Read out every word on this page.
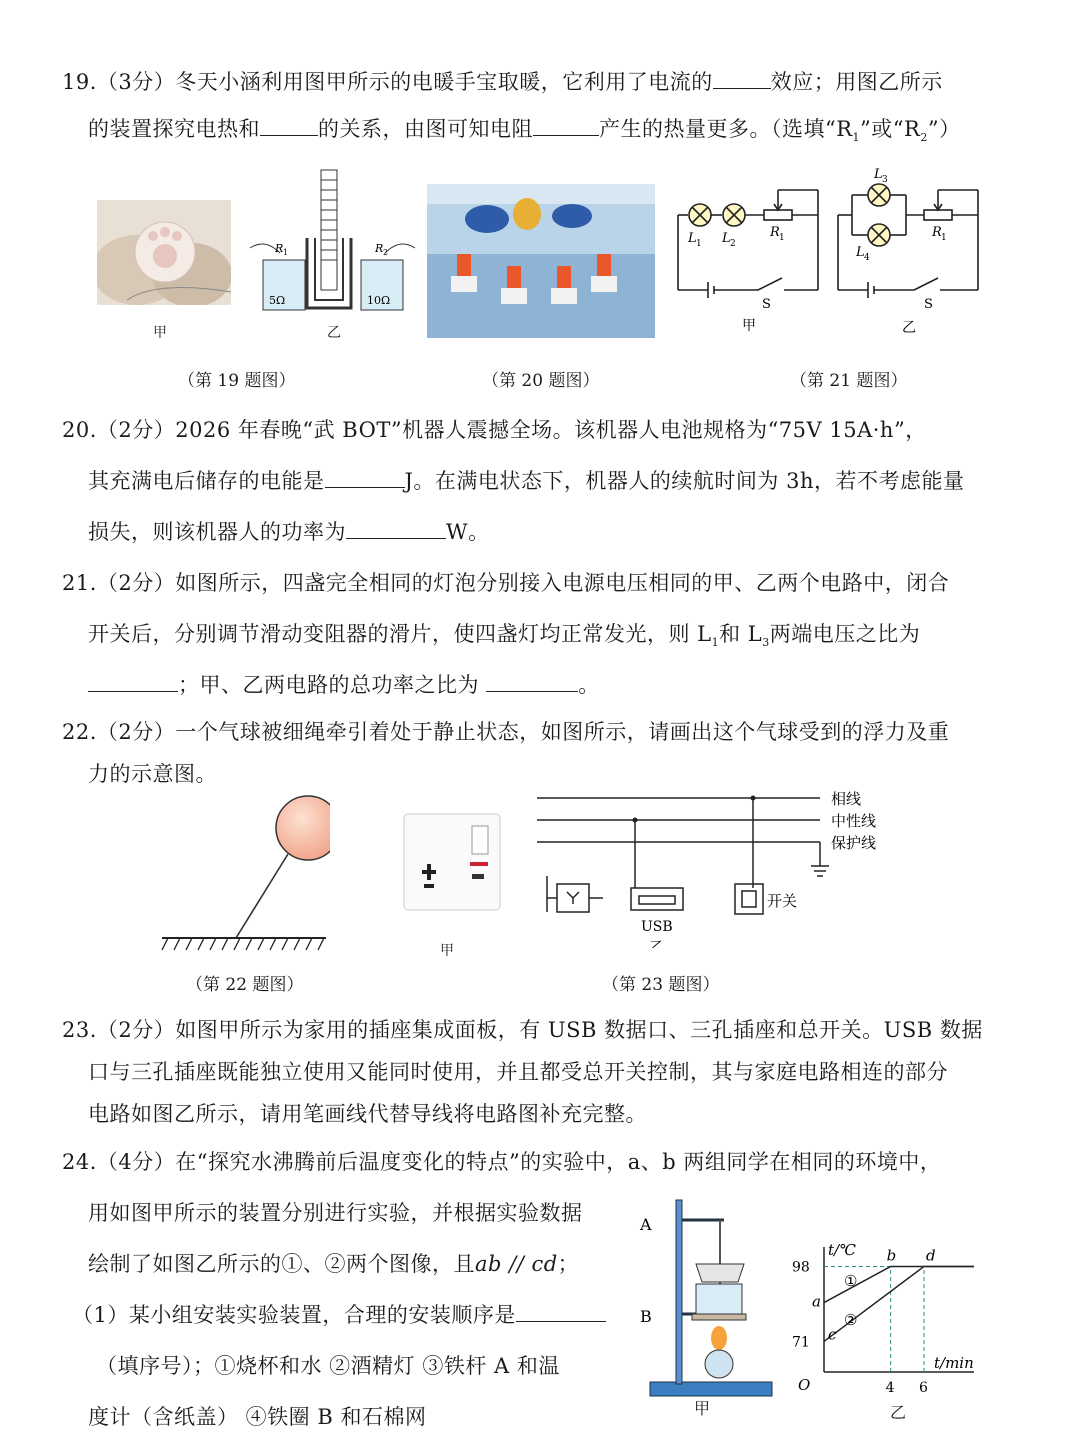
19.（3分）冬天小涵利用图甲所示的电暖手宝取暖，它利用了电流的	效应；用图乙所示
的装置探究电热和	的关系，由图可知电阻	产生的热量更多。（选填“$R_1$”或“$R_2$”）
甲
R 1	R 2
5Ω	10Ω
乙
L 1 L 2
R 1
S
甲
L 3
L 4
R 1
S
乙
（第 19 题图）	（第 20 题图）	（第 21 题图）
20.（2分）2026 年春晚“武 BOT”机器人震撼全场。该机器人电池规格为“75V 15A·h”，
其充满电后储存的电能是	J。在满电状态下，机器人的续航时间为 3h，若不考虑能量
损失，则该机器人的功率为	W。
21.（2分）如图所示，四盏完全相同的灯泡分别接入电源电压相同的甲、乙两个电路中，闭合
开关后，分别调节滑动变阻器的滑片，使四盏灯均正常发光，则 $L_1$和 $L_3$两端电压之比为
；甲、乙两电路的总功率之比为	。
22.（2分）一个气球被细绳牵引着处于静止状态，如图所示，请画出这个气球受到的浮力及重
力的示意图。
（第 22 题图）
甲
相线
中性线
保护线
开关
USB
乙
（第 23 题图）
23.（2分）如图甲所示为家用的插座集成面板，有 USB 数据口、三孔插座和总开关。USB 数据
口与三孔插座既能独立使用又能同时使用，并且都受总开关控制，其与家庭电路相连的部分
电路如图乙所示，请用笔画线代替导线将电路图补充完整。
24.（4分）在“探究水沸腾前后温度变化的特点”的实验中，a、b 两组同学在相同的环境中，
用如图甲所示的装置分别进行实验，并根据实验数据
绘制了如图乙所示的①、②两个图像，且ab // cd；
（1）某小组安装实验装置，合理的安装顺序是
（填序号）；①烧杯和水 ②酒精灯 ③铁杆 A 和温
度计（含纸盖） ④铁圈 B 和石棉网
A
B
甲
t/℃
t/min
O
71
98
4 6
①
②
a
b
c
d
乙
